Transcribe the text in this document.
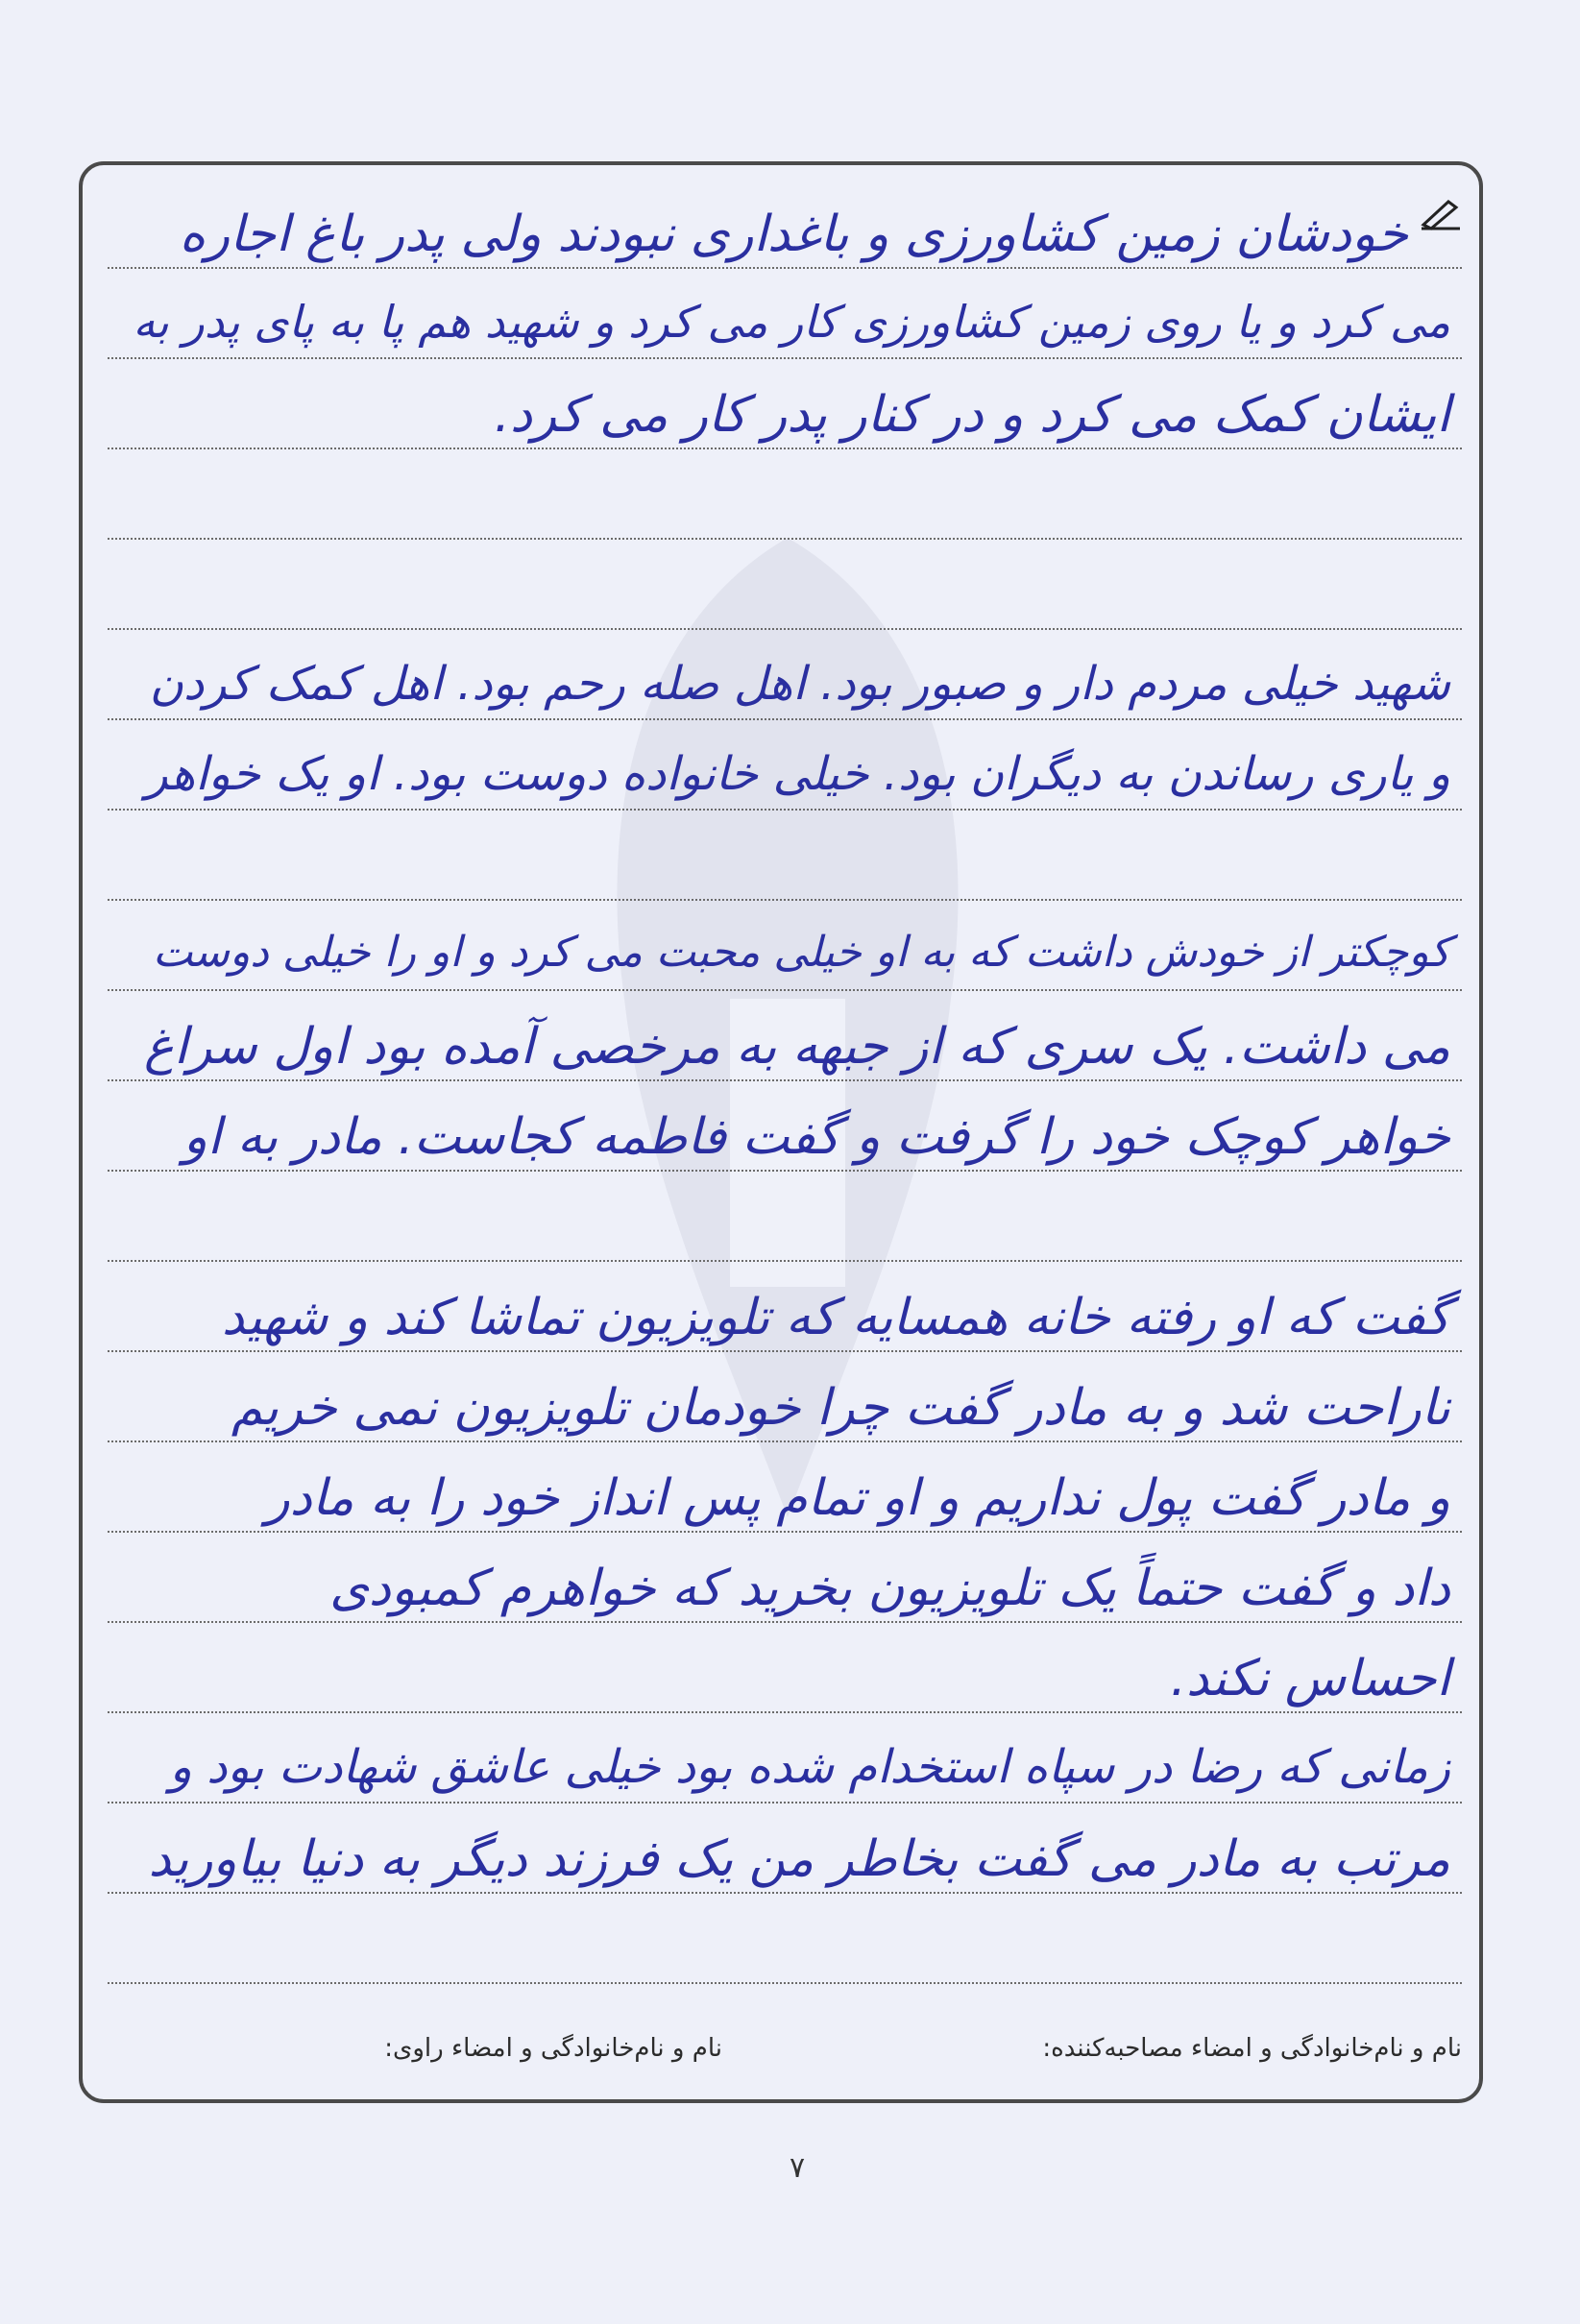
خودشان زمین کشاورزی و باغداری نبودند ولی پدر باغ اجاره
می کرد و یا روی زمین کشاورزی کار می کرد و شهید هم پا به پای پدر به
ایشان کمک می کرد و در کنار پدر کار می کرد.
شهید خیلی مردم دار و صبور بود. اهل صله رحم بود. اهل کمک کردن
و یاری رساندن به دیگران بود. خیلی خانواده دوست بود. او یک خواهر
کوچکتر از خودش داشت که به او خیلی محبت می کرد و او را خیلی دوست
می داشت. یک سری که از جبهه به مرخصی آمده بود اول سراغ
خواهر کوچک خود را گرفت و گفت فاطمه کجاست. مادر به او
گفت که او رفته خانه همسایه که تلویزیون تماشا کند و شهید
ناراحت شد و به مادر گفت چرا خودمان تلویزیون نمی خریم
و مادر گفت پول نداریم و او تمام پس انداز خود را به مادر
داد و گفت حتماً یک تلویزیون بخرید که خواهرم کمبودی
احساس نکند.
زمانی که رضا در سپاه استخدام شده بود خیلی عاشق شهادت بود و
مرتب به مادر می گفت بخاطر من یک فرزند دیگر به دنیا بیاورید
نام و نام‌خانوادگی و امضاء مصاحبه‌کننده:
نام و نام‌خانوادگی و امضاء راوی:
۷
